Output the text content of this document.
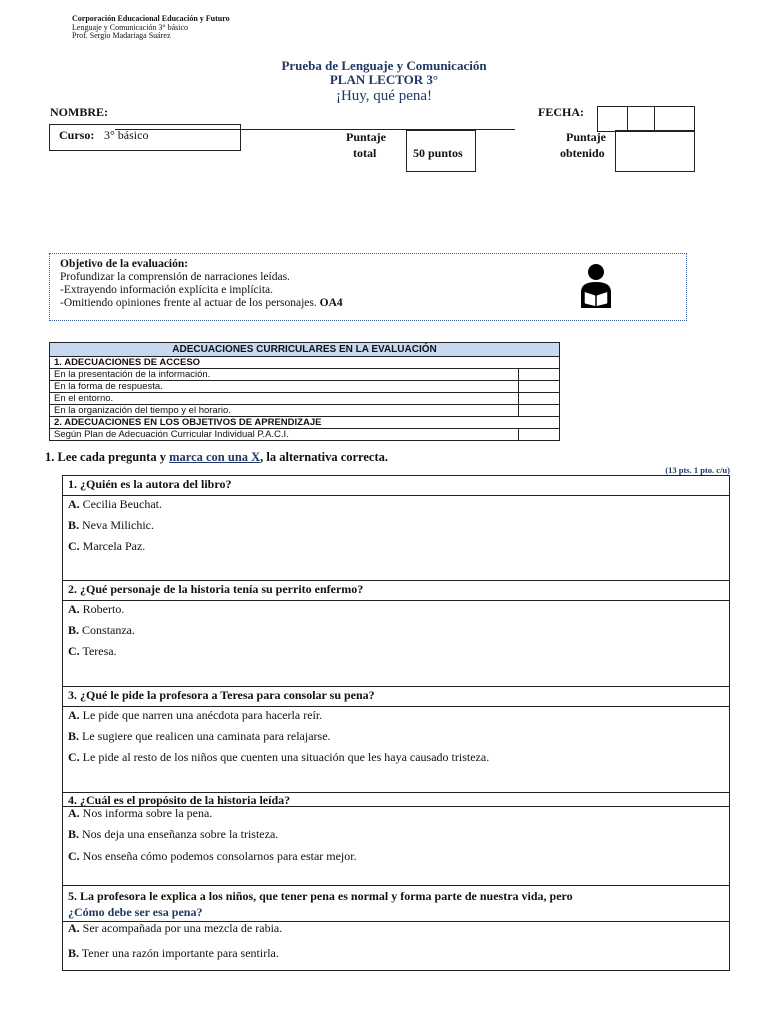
Corporación Educacional Educación y Futuro
Lenguaje y Comunicación 3° básico
Prof. Sergio Madariaga Suárez
Prueba de Lenguaje y Comunicación
PLAN LECTOR 3°
¡Huy, qué pena!
NOMBRE:	FECHA:
Curso: 3° básico	Puntaje
total	50 puntos
Puntaje
obtenido
Objetivo de la evaluación:
Profundizar la comprensión de narraciones leídas.
-Extrayendo información explícita e implícita.
-Omitiendo opiniones frente al actuar de los personajes. OA4
ADECUACIONES CURRICULARES EN LA EVALUACIÓN	
1. ADECUACIONES DE ACCESO	
En la presentación de la información.	
En la forma de respuesta.	
En el entorno.	
En la organización del tiempo y el horario.	
2. ADECUACIONES EN LOS OBJETIVOS DE APRENDIZAJE	
Según Plan de Adecuación Curricular Individual P.A.C.I.	
1. Lee cada pregunta y marca con una X, la alternativa correcta.
(13 pts. 1 pto. c/u)
1. ¿Quién es la autora del libro?
A. Cecilia Beuchat.
B. Neva Milichic.
C. Marcela Paz.
2. ¿Qué personaje de la historia tenía su perrito enfermo?
A. Roberto.
B. Constanza.
C. Teresa.
3. ¿Qué le pide la profesora a Teresa para consolar su pena?
A. Le pide que narren una anécdota para hacerla reír.
B. Le sugiere que realicen una caminata para relajarse.
C. Le pide al resto de los niños que cuenten una situación que les haya causado tristeza.
4. ¿Cuál es el propósito de la historia leída?
A. Nos informa sobre la pena.
B. Nos deja una enseñanza sobre la tristeza.
C. Nos enseña cómo podemos consolarnos para estar mejor.
5. La profesora le explica a los niños, que tener pena es normal y forma parte de nuestra vida, pero
¿Cómo debe ser esa pena?
A. Ser acompañada por una mezcla de rabia.
B. Tener una razón importante para sentirla.
